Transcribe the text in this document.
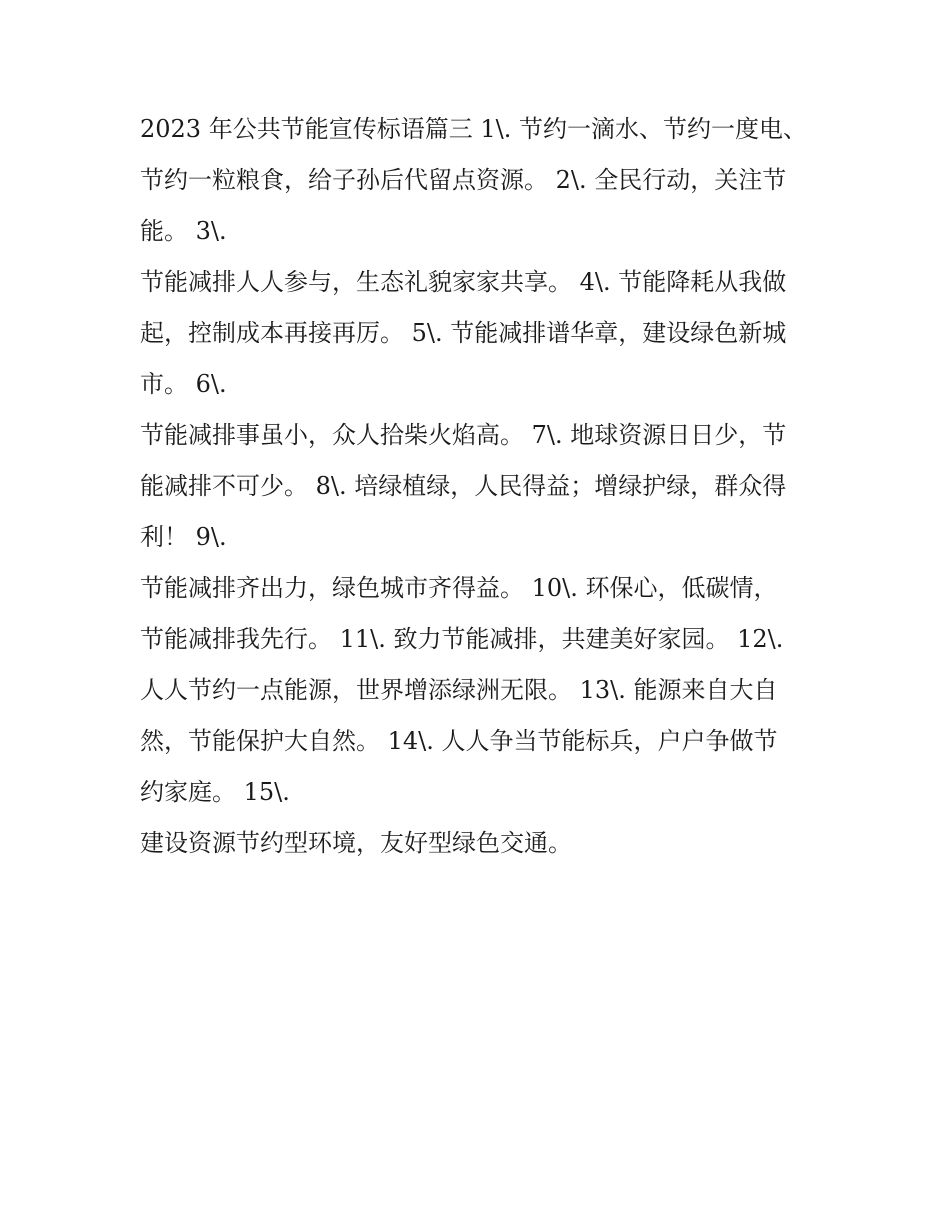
2023 年公共节能宣传标语篇三 1\. 节约一滴水、节约一度电、
节约一粒粮食，给子孙后代留点资源。 2\. 全民行动，关注节
能。 3\.
节能减排人人参与，生态礼貌家家共享。 4\. 节能降耗从我做
起，控制成本再接再厉。 5\. 节能减排谱华章，建设绿色新城
市。 6\.
节能减排事虽小，众人拾柴火焰高。 7\. 地球资源日日少，节
能减排不可少。 8\. 培绿植绿，人民得益；增绿护绿，群众得
利！ 9\.
节能减排齐出力，绿色城市齐得益。 10\. 环保心，低碳情，
节能减排我先行。 11\. 致力节能减排，共建美好家园。 12\.
人人节约一点能源，世界增添绿洲无限。 13\. 能源来自大自
然，节能保护大自然。 14\. 人人争当节能标兵，户户争做节
约家庭。 15\.
建设资源节约型环境，友好型绿色交通。
